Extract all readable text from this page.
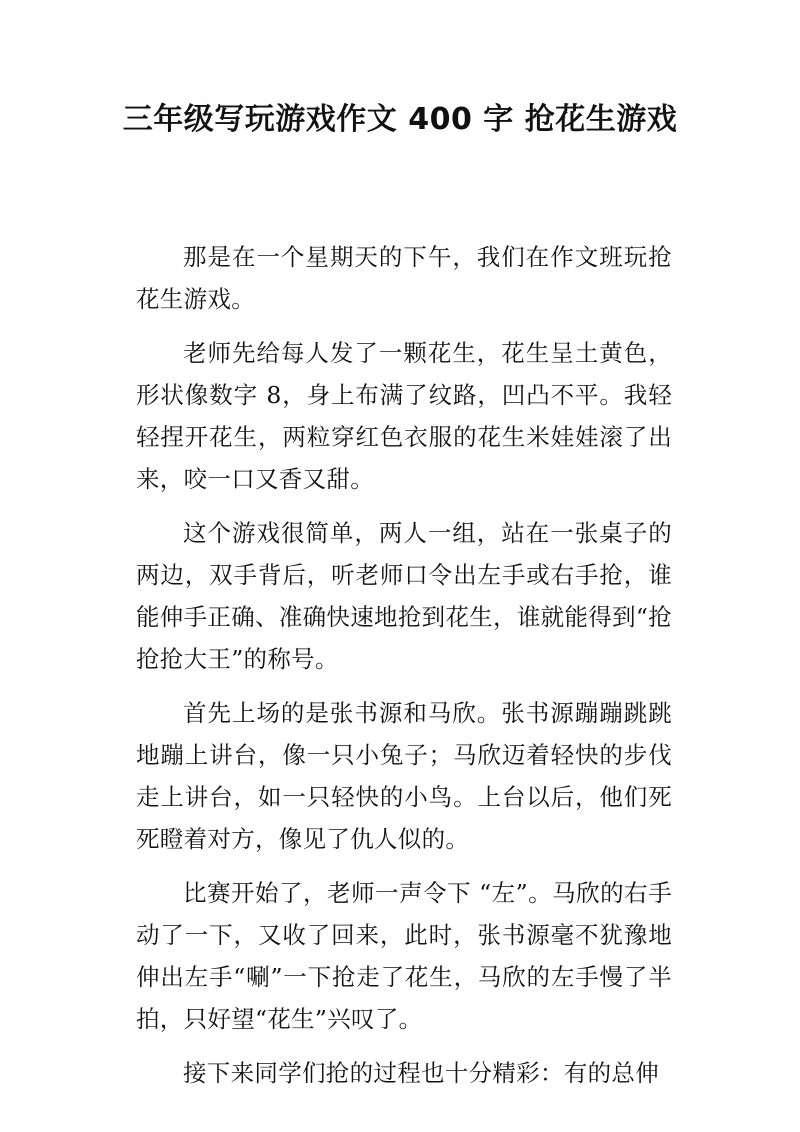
三年级写玩游戏作文 400 字 抢花生游戏

那是在一个星期天的下午，我们在作文班玩抢花生游戏。

老师先给每人发了一颗花生，花生呈土黄色，形状像数字 8，身上布满了纹路，凹凸不平。我轻轻捏开花生，两粒穿红色衣服的花生米娃娃滚了出来，咬一口又香又甜。

这个游戏很简单，两人一组，站在一张桌子的两边，双手背后，听老师口令出左手或右手抢，谁能伸手正确、准确快速地抢到花生，谁就能得到“抢抢抢大王”的称号。

首先上场的是张书源和马欣。张书源蹦蹦跳跳地蹦上讲台，像一只小兔子；马欣迈着轻快的步伐走上讲台，如一只轻快的小鸟。上台以后，他们死死瞪着对方，像见了仇人似的。

比赛开始了，老师一声令下 “左”。马欣的右手动了一下，又收了回来，此时，张书源毫不犹豫地伸出左手“唰”一下抢走了花生，马欣的左手慢了半拍，只好望“花生”兴叹了。

接下来同学们抢的过程也十分精彩：有的总伸
